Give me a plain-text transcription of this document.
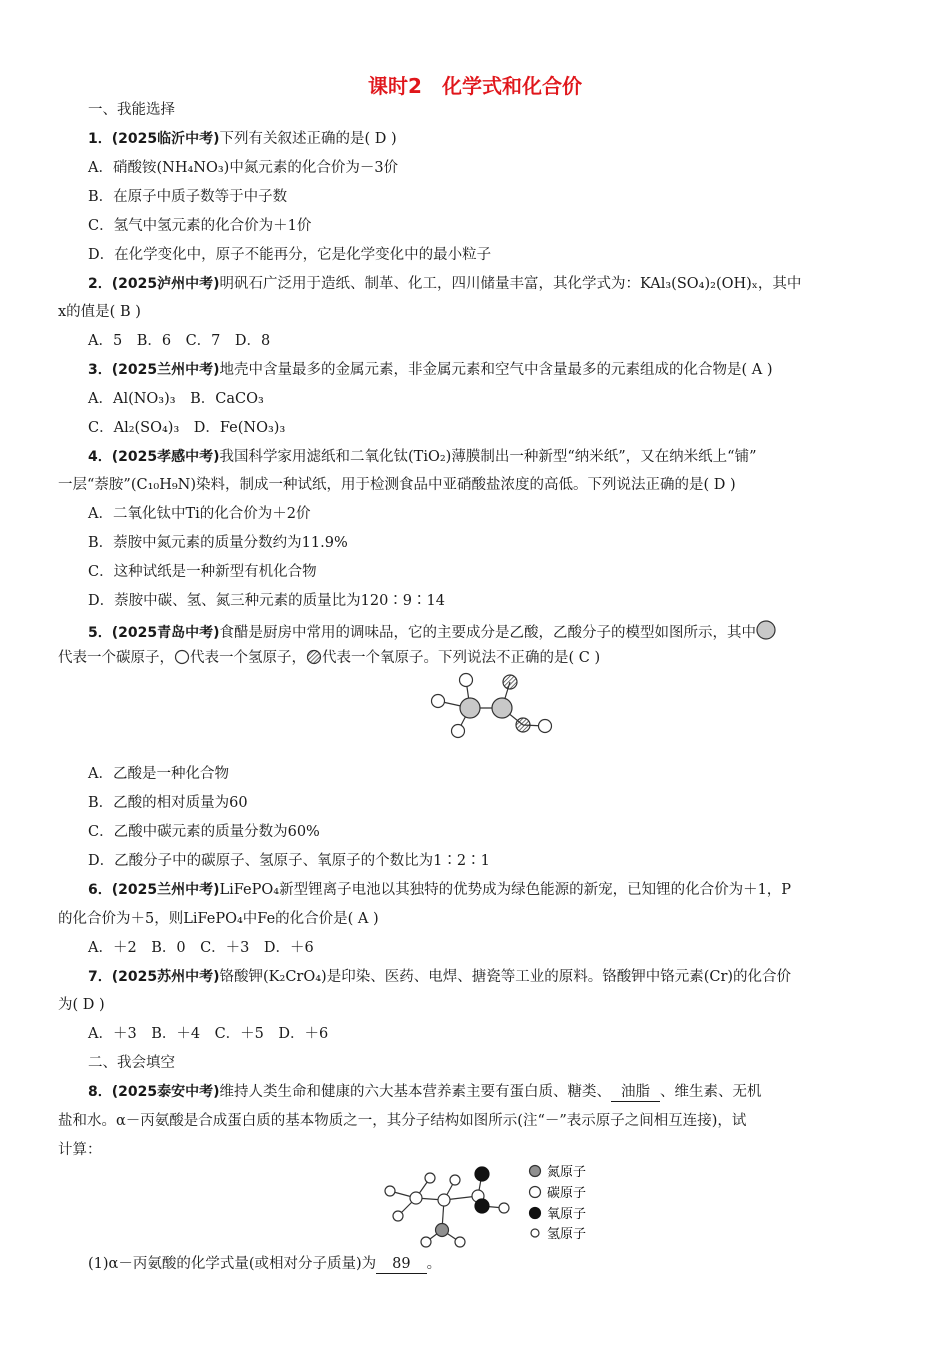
课时2　化学式和化合价
一、我能选择
1．(2025临沂中考)下列有关叙述正确的是( D )
A．硝酸铵(NH₄NO₃)中氮元素的化合价为－3价
B．在原子中质子数等于中子数
C．氢气中氢元素的化合价为＋1价
D．在化学变化中，原子不能再分，它是化学变化中的最小粒子
2．(2025泸州中考)明矾石广泛用于造纸、制革、化工，四川储量丰富，其化学式为：KAl₃(SO₄)₂(OH)ₓ，其中
x的值是( B )
A．5　B．6　C．7　D．8
3．(2025兰州中考)地壳中含量最多的金属元素，非金属元素和空气中含量最多的元素组成的化合物是( A )
A．Al(NO₃)₃　B．CaCO₃
C．Al₂(SO₄)₃　D．Fe(NO₃)₃
4．(2025孝感中考)我国科学家用滤纸和二氧化钛(TiO₂)薄膜制出一种新型“纳米纸”，又在纳米纸上“铺”
一层“萘胺”(C₁₀H₉N)染料，制成一种试纸，用于检测食品中亚硝酸盐浓度的高低。下列说法正确的是( D )
A．二氧化钛中Ti的化合价为＋2价
B．萘胺中氮元素的质量分数约为11.9%
C．这种试纸是一种新型有机化合物
D．萘胺中碳、氢、氮三种元素的质量比为120∶9∶14
5．(2025青岛中考)食醋是厨房中常用的调味品，它的主要成分是乙酸，乙酸分子的模型如图所示，其中
代表一个碳原子， 代表一个氢原子， 代表一个氧原子。下列说法不正确的是( C )
A．乙酸是一种化合物
B．乙酸的相对质量为60
C．乙酸中碳元素的质量分数为60%
D．乙酸分子中的碳原子、氢原子、氧原子的个数比为1∶2∶1
6．(2025兰州中考)LiFePO₄新型锂离子电池以其独特的优势成为绿色能源的新宠，已知锂的化合价为＋1，P
的化合价为＋5，则LiFePO₄中Fe的化合价是( A )
A．＋2　B．0　C．＋3　D．＋6
7．(2025苏州中考)铬酸钾(K₂CrO₄)是印染、医药、电焊、搪瓷等工业的原料。铬酸钾中铬元素(Cr)的化合价
为( D )
A．＋3　B．＋4　C．＋5　D．＋6
二、我会填空
8．(2025泰安中考)维持人类生命和健康的六大基本营养素主要有蛋白质、糖类、 油脂 、维生素、无机
盐和水。α－丙氨酸是合成蛋白质的基本物质之一，其分子结构如图所示(注“－”表示原子之间相互连接)，试
计算：
氮原子
碳原子
氧原子
氢原子
(1)α－丙氨酸的化学式量(或相对分子质量)为 89 。
